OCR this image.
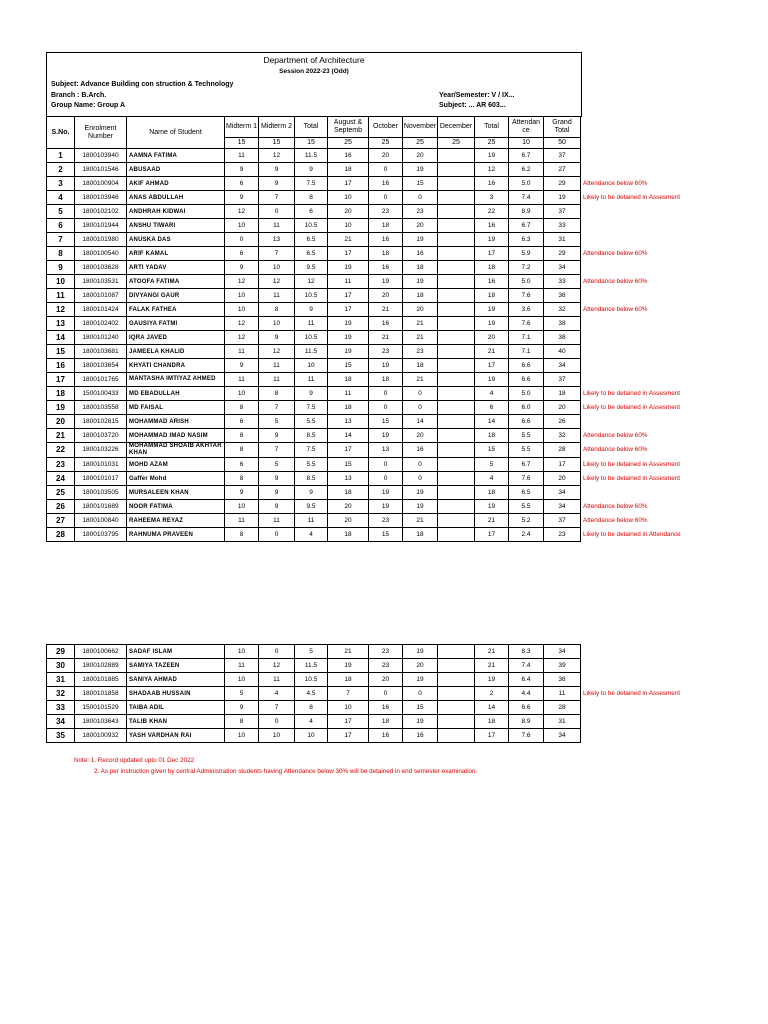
Department of Architecture
Session 2022-23 (Odd)
Subject: Advance Building con struction & Technology
Branch : B.Arch.
Group Name: Group A
Year/Semester: V / IX...
Subject: ... AR 603...
S.No.	Enrolment Number	Name of Student	Midterm 1	Midterm 2	Total	August & Septemb	October	November	December	Total	Attendan ce	Grand Total	
			15	15	15	25	25	25	25	25	10	50	
1	1800103940	AAMNA FATIMA	11	12	11.5	16	20	20		19	6.7	37	
2	1800101546	ABUSAAD	9	9	9	18	0	19		12	6.2	27	
3	1800100904	AKIF AHMAD	6	9	7.5	17	16	15		16	5.0	29	Attendance below 60%
4	1800103946	ANAS ABDULLAH	9	7	8	10	0	0		3	7.4	19	Likely to be detained in Assesment
5	1800102102	ANDHRAH KIDWAI	12	0	6	20	23	23		22	8.9	37	
6	1800101944	ANSHU TIWARI	10	11	10.5	10	18	20		16	6.7	33	
7	1800101980	ANUSKA DAS	0	13	6.5	21	16	19		19	6.3	31	
8	1800100540	ARIF KAMAL	6	7	6.5	17	18	16		17	5.9	29	Attendance below 60%
9	1800103628	ARTI YADAV	9	10	9.5	19	16	18		18	7.2	34	
10	1800103531	ATOOFA FATIMA	12	12	12	11	19	19		16	5.0	33	Attendance below 60%
11	1800101087	DIVYANGI GAUR	10	11	10.5	17	20	18		18	7.6	36	
12	1800101424	FALAK FATHEA	10	8	9	17	21	20		19	3.6	32	Attendance below 60%
13	1800102402	GAUSIYA FATMI	12	10	11	19	16	21		19	7.6	38	
14	1800101240	IQRA JAVED	12	9	10.5	19	21	21		20	7.1	38	
15	1800103681	JAMEELA KHALID	11	12	11.5	19	23	23		21	7.1	40	
16	1800103654	KHYATI CHANDRA	9	11	10	15	19	18		17	6.6	34	
17	1800101765	MANTASHA IMTIYAZ AHMED	11	11	11	18	18	21		19	6.6	37	
18	1500100433	MD EBADULLAH	10	8	9	11	0	0		4	5.0	18	Likely to be detained in Assesment
19	1800103558	MD FAISAL	8	7	7.5	18	0	0		6	6.0	20	Likely to be detained in Assesment
20	1800102815	MOHAMMAD ARISH	6	5	5.5	13	15	14		14	6.6	26	
21	1800103720	MOHAMMAD IMAD NASIM	8	9	8.5	14	19	20		18	5.5	32	Attendance below 60%
22	1800103226	MOHAMMAD SHOAIB AKHTAR KHAN	8	7	7.5	17	13	16		15	5.5	28	Attendance below 60%
23	1800101031	MOHD AZAM	6	5	5.5	15	0	0		5	6.7	17	Likely to be detained in Assesment
24	1800101017	Gaffer Mohd	8	9	8.5	13	0	0		4	7.6	20	Likely to be detained in Assesment
25	1800103505	MURSALEEN KHAN	9	9	9	18	19	19		18	6.5	34	
26	1800101689	NOOR FATIMA	10	9	9.5	20	19	19		19	5.5	34	Attendance below 60%
27	1800100840	RAHEEMA REYAZ	11	11	11	20	23	21		21	5.2	37	Attendance below 60%
28	1800103795	RAHNUMA PRAVEEN	8	0	4	18	15	18		17	2.4	23	Likely to be detained in Attendance
29	1800100662	SADAF ISLAM	10	0	5	21	23	19		21	8.3	34	
30	1800102889	SAMIYA TAZEEN	11	12	11.5	19	23	20		21	7.4	39	
31	1800101885	SANIYA AHMAD	10	11	10.5	18	20	19		19	6.4	36	
32	1800101858	SHADAAB HUSSAIN	5	4	4.5	7	0	0		2	4.4	11	Likely to be detained in Assesment
33	1500101529	TAIBA ADIL	9	7	8	10	16	15		14	6.6	28	
34	1800103643	TALIB KHAN	8	0	4	17	18	19		18	8.9	31	
35	1800100932	YASH VARDHAN RAI	10	10	10	17	16	16		17	7.6	34	
Note: 1. Record updated upto 01 Dec 2022
2. As per instruction given by central Administration students having Attendance below 30% will be detained in end semester examination.
